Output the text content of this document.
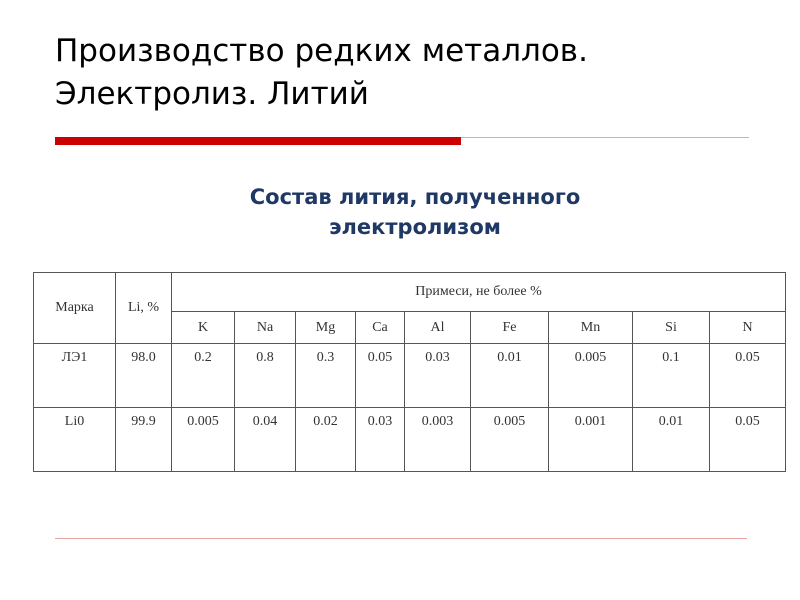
Производство редких металлов.
Электролиз. Литий
Состав лития, полученного
электролизом
Марка	Li, %	Примеси, не более %								
		K	Na	Mg	Ca	Al	Fe	Mn	Si	N
ЛЭ1	98.0	0.2	0.8	0.3	0.05	0.03	0.01	0.005	0.1	0.05
Li0	99.9	0.005	0.04	0.02	0.03	0.003	0.005	0.001	0.01	0.05
